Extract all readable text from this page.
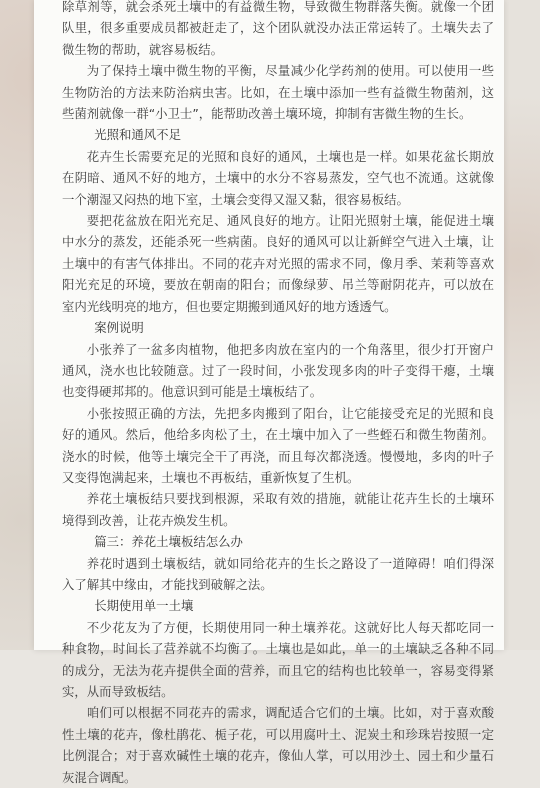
除草剂等，就会杀死土壤中的有益微生物，导致微生物群落失衡。就像一个团队里，很多重要成员都被赶走了，这个团队就没办法正常运转了。土壤失去了微生物的帮助，就容易板结。

为了保持土壤中微生物的平衡，尽量减少化学药剂的使用。可以使用一些生物防治的方法来防治病虫害。比如，在土壤中添加一些有益微生物菌剂，这些菌剂就像一群“小卫士”，能帮助改善土壤环境，抑制有害微生物的生长。

光照和通风不足

花卉生长需要充足的光照和良好的通风，土壤也是一样。如果花盆长期放在阴暗、通风不好的地方，土壤中的水分不容易蒸发，空气也不流通。这就像一个潮湿又闷热的地下室，土壤会变得又湿又黏，很容易板结。

要把花盆放在阳光充足、通风良好的地方。让阳光照射土壤，能促进土壤中水分的蒸发，还能杀死一些病菌。良好的通风可以让新鲜空气进入土壤，让土壤中的有害气体排出。不同的花卉对光照的需求不同，像月季、茉莉等喜欢阳光充足的环境，要放在朝南的阳台；而像绿萝、吊兰等耐阴花卉，可以放在室内光线明亮的地方，但也要定期搬到通风好的地方透透气。

案例说明

小张养了一盆多肉植物，他把多肉放在室内的一个角落里，很少打开窗户通风，浇水也比较随意。过了一段时间，小张发现多肉的叶子变得干瘪，土壤也变得硬邦邦的。他意识到可能是土壤板结了。

小张按照正确的方法，先把多肉搬到了阳台，让它能接受充足的光照和良好的通风。然后，他给多肉松了土，在土壤中加入了一些蛭石和微生物菌剂。浇水的时候，他等土壤完全干了再浇，而且每次都浇透。慢慢地，多肉的叶子又变得饱满起来，土壤也不再板结，重新恢复了生机。

养花土壤板结只要找到根源，采取有效的措施，就能让花卉生长的土壤环境得到改善，让花卉焕发生机。

篇三：养花土壤板结怎么办

养花时遇到土壤板结，就如同给花卉的生长之路设了一道障碍！咱们得深入了解其中缘由，才能找到破解之法。

长期使用单一土壤

不少花友为了方便，长期使用同一种土壤养花。这就好比人每天都吃同一种食物，时间长了营养就不均衡了。土壤也是如此，单一的土壤缺乏各种不同的成分，无法为花卉提供全面的营养，而且它的结构也比较单一，容易变得紧实，从而导致板结。

咱们可以根据不同花卉的需求，调配适合它们的土壤。比如，对于喜欢酸性土壤的花卉，像杜鹃花、栀子花，可以用腐叶土、泥炭土和珍珠岩按照一定比例混合；对于喜欢碱性土壤的花卉，像仙人掌，可以用沙土、园土和少量石灰混合调配。
